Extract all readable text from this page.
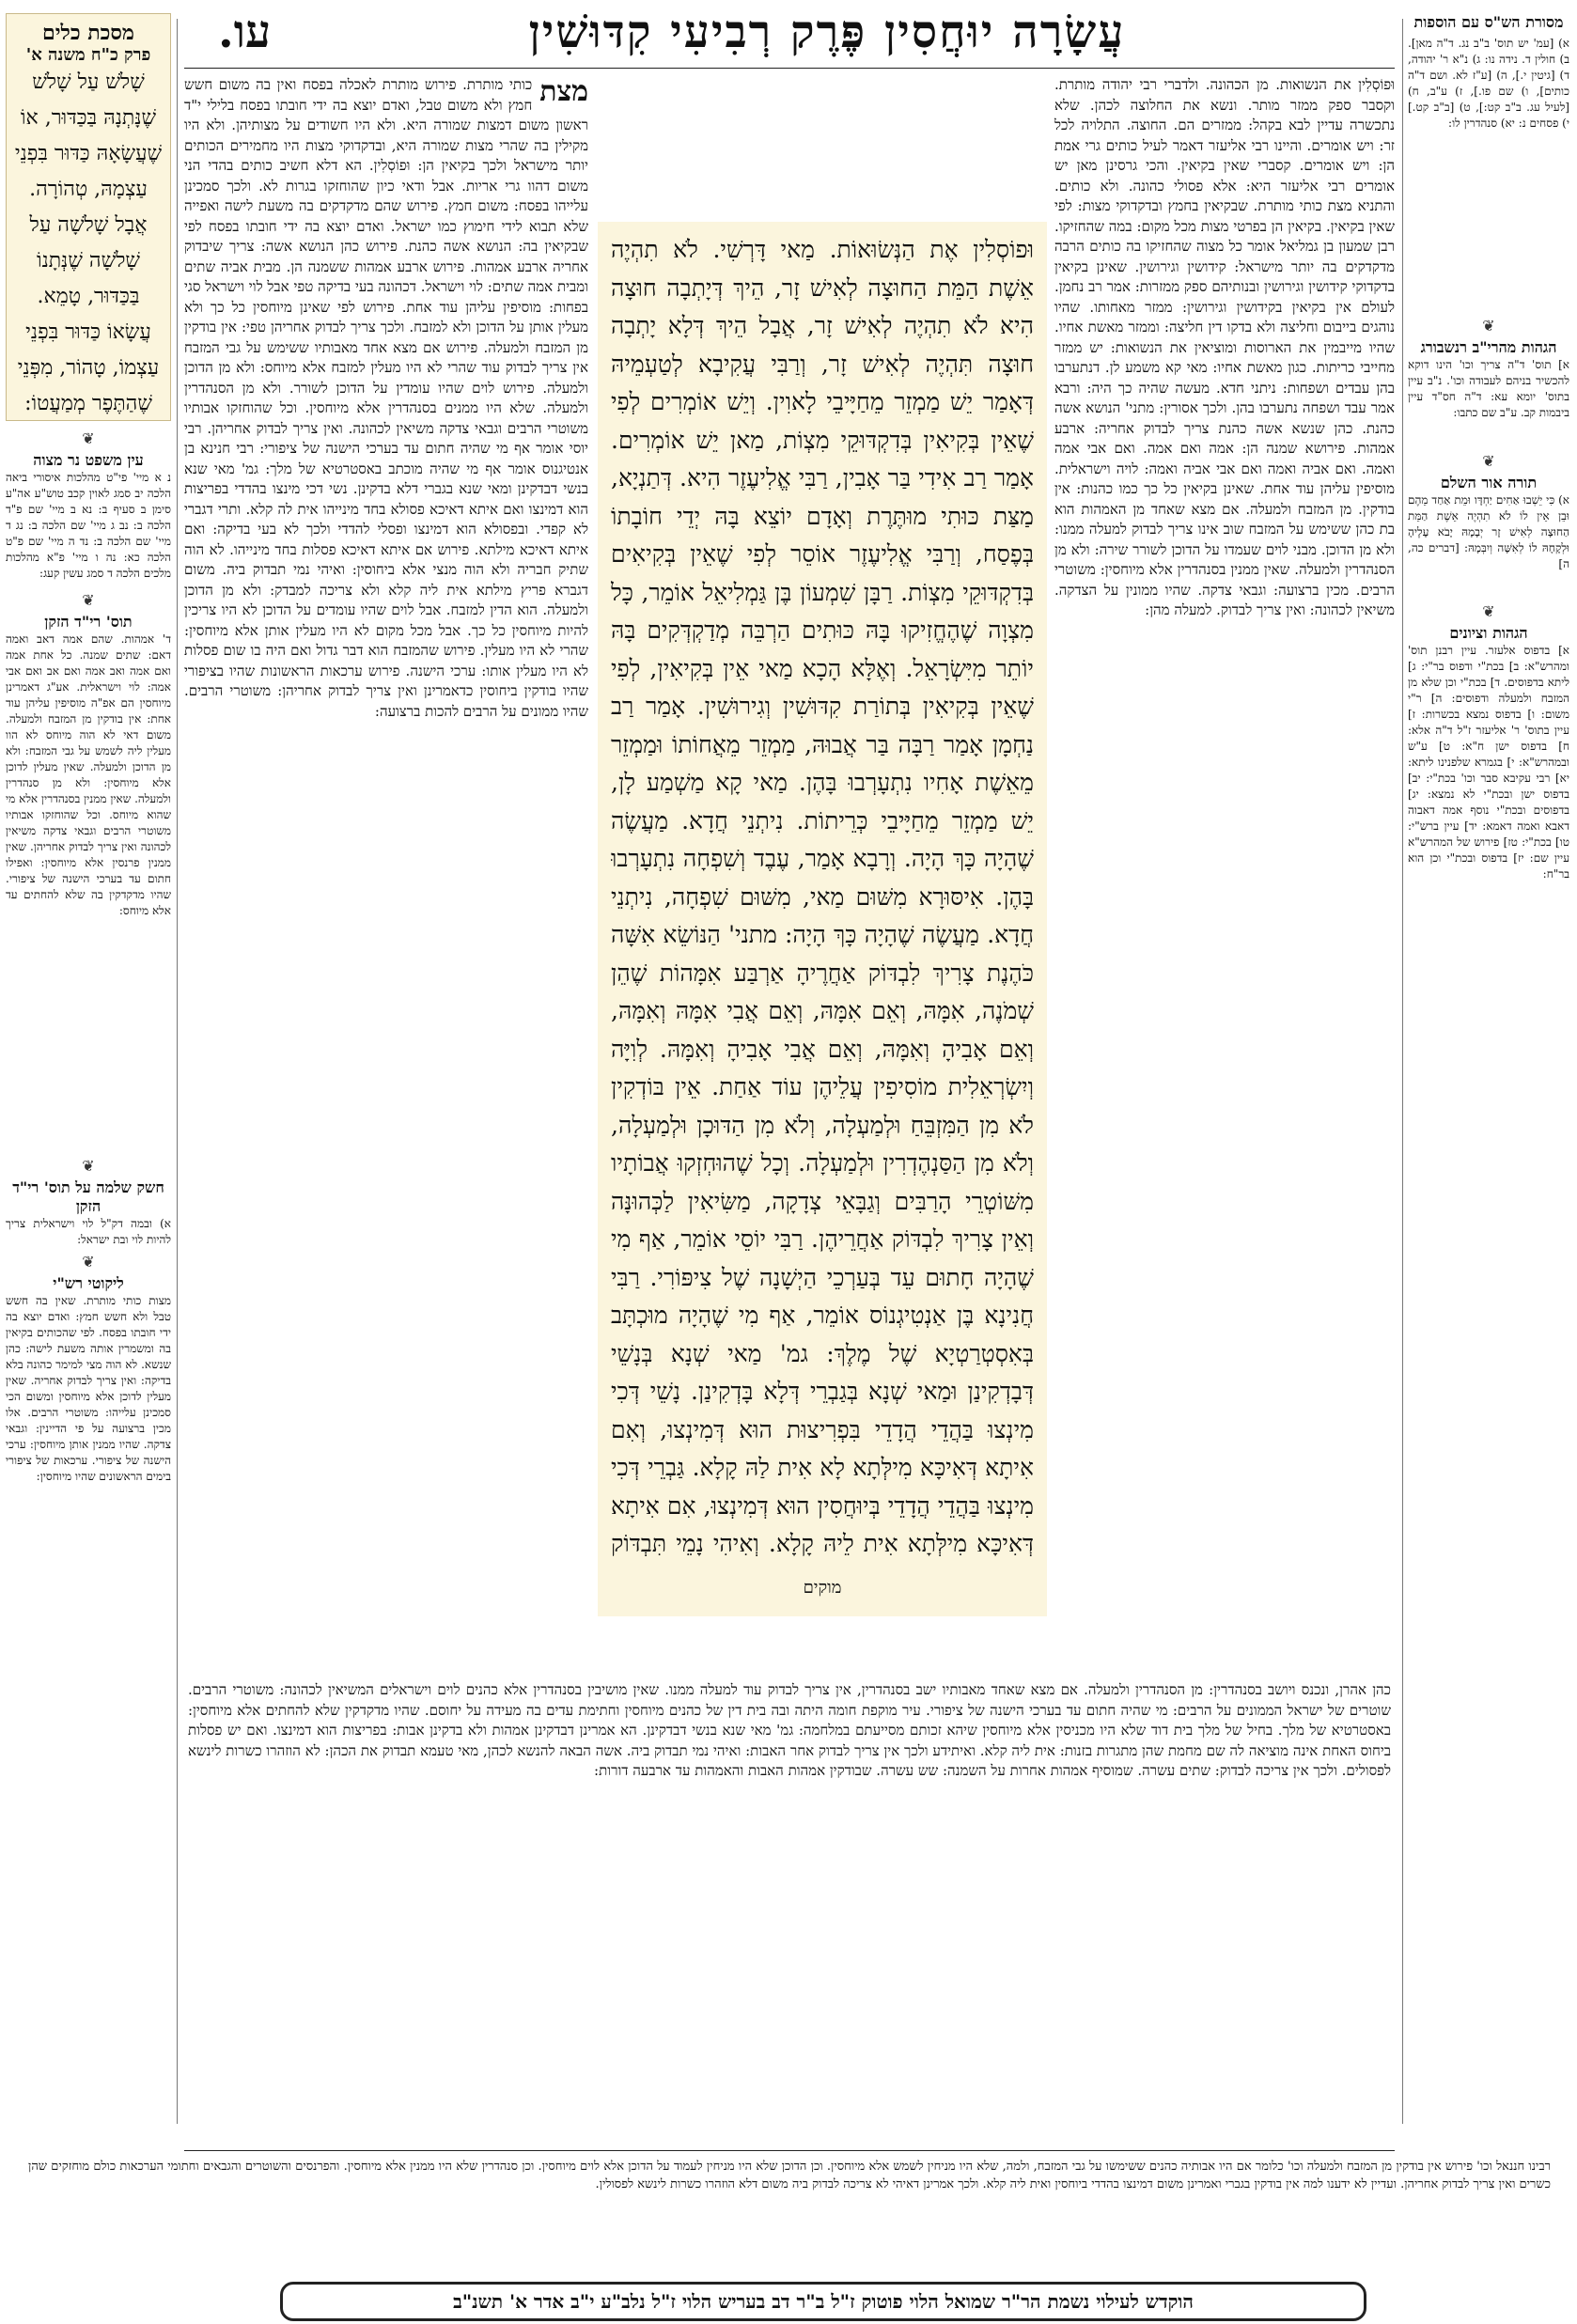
עֲשָׂרָה יוּחֲסִין פֶּרֶק רְבִיעִי קִדּוּשִׁין
עו.	מסורת הש"ס עם הוספות
א) [עמ' יש תוס' ב"ב נג. ד"ה מאן]. ב) חולין ד. נידה נו: ג) נ"א ר' יהודה, ד) [גיטין י.], ה) [ע"ז לא. ושם ד"ה כותים], ו) שם פו.], ז) ע"ב, ח) [לעיל עג. ב"ב קט:], ט) [ב"ב קט.] י) פסחים נ: יא) סנהדרין לו:
❦
הגהות מהרי"ב רנשבורג
א] תוס' ד"ה צריך וכו' הינו דוקא להכשיר בניהם לעבודה וכו'. נ"ב עיין בתוס' יומא עא: ד"ה חס"ד עיין ביבמות קב. ע"ב שם כתבו:
❦
תורה אור השלם
א) כִּי יֵשְׁבוּ אַחִים יַחְדָּו וּמֵת אַחַד מֵהֶם וּבֵן אֵין לוֹ לֹא תִהְיֶה אֵשֶׁת הַמֵּת הַחוּצָה לְאִישׁ זָר יְבָמָהּ יָבֹא עָלֶיהָ וּלְקָחָהּ לוֹ לְאִשָּׁה וְיִבְּמָהּ: [דברים כה, ה]
❦
הגהות וציונים
א] בדפוס אלעזר. עיין רבנן תוס' ומהרש"א: ב] בכת"י ודפוס בר"י: ג] ליתא בדפוסים. ד] בכת"י וכן שלא מן המזבח ולמעלה ודפוסים: ה] ר"י משום: ו] בדפוס נמצא בכשרות: ז] עיין בתוס' ר' אליעזר ז"ל ד"ה אלא: ח] בדפוס ישן ח"א: ט] ע"ש ובמהרש"א: י] בגמרא שלפנינו ליתא: יא] רבי עקיבא סבר וכו' בכת"י: יב] בדפוס ישן ובכת"י לא נמצא: יג] בדפוסים ובכת"י נוסף אמה דאבוה דאבא ואמה דאמא: יד] עיין ברש"י: טו] בכת"י: טז] פירוש של המהרש"א עיין שם: יז] בדפוס ובכת"י וכן הוא בר"ח:
מסכת כלים
פרק כ"ח משנה א'
שָׁלֹשׁ עַל שָׁלֹשׁ שֶׁנָּתְנָהּ בַּכַּדּוּר, אוֹ שֶׁעֲשָׂאָהּ כַּדּוּר בִּפְנֵי עַצְמָהּ, טְהוֹרָה. אֲבָל שָׁלֹשָׁה עַל שָׁלֹשָׁה שֶׁנְּתָנוֹ בַּכַּדּוּר, טָמֵא. עֲשָׂאוֹ כַּדּוּר בִּפְנֵי עַצְמוֹ, טָהוֹר, מִפְּנֵי שֶׁהַתֶּפֶר מְמַעֲטוֹ:
❦
עין משפט נר מצוה
נ א מיי' פי"ט מהלכות איסורי ביאה הלכה יב סמג לאוין קכב טוש"ע אה"ע סימן ב סעיף ב: נא ב מיי' שם פ"ד הלכה ב: נב ג מיי' שם הלכה ב: נג ד מיי' שם הלכה ב: נד ה מיי' שם פ"ט הלכה כא: נה ו מיי' פ"א מהלכות מלכים הלכה ד סמג עשין קעג:
❦
תוס' רי"ד הזקן
ד' אמהות. שהם אמה דאב ואמה דאם: שתים שמנה. כל אחת אמה ואם אמה ואב אמה ואם אב ואם אבי אמה: לוי וישראלית. אע"ג דאמרינן מיוחסין הם אפ"ה מוסיפין עליהן עוד אחת: אין בודקין מן המזבח ולמעלה. משום דאי לא הוה מיוחס לא הוו מעלין ליה לשמש על גבי המזבח: ולא מן הדוכן ולמעלה. שאין מעלין לדוכן אלא מיוחסין: ולא מן סנהדרין ולמעלה. שאין ממנין בסנהדרין אלא מי שהוא מיוחס. וכל שהוחזקו אבותיו משוטרי הרבים וגבאי צדקה משיאין לכהונה ואין צריך לבדוק אחריהן. שאין ממנין פרנסין אלא מיוחסין: ואפילו חתום עד בערכי הישנה של ציפורי. שהיו מדקדקין בה שלא להחתים עד אלא מיוחס:
❦
חשק שלמה על תוס' רי"ד הזקן
א) ובמה דק"ל לוי וישראלית צריך להיות לוי ובת ישראל:
❦
ליקוטי רש"י
מצות כותי מותרת. שאין בה חשש טבל ולא חשש חמץ: ואדם יוצא בה ידי חובתו בפסח. לפי שהכותים בקיאין בה ומשמרין אותה משעת לישה: כהן שנשא. לא הוה מצי למימר כהונה בלא בדיקה: ואין צריך לבדוק אחריה. שאין מעלין לדוכן אלא מיוחסין ומשום הכי סמכינן עלייהו: משוטרי הרבים. אלו מכין ברצועה על פי הדיינין: וגבאי צדקה. שהיו ממנין אותן מיוחסין: ערכי הישנה של ציפורי. ערכאות של ציפורי בימים הראשונים שהיו מיוחסין:
וּפוֹסְלִין את הנשואות. מן הכהונה. ולדברי רבי יהודה מותרת. וקסבר ספק ממזר מותר. ונשא את החלוצה לכהן. שלא נתכשרה עדיין לבא בקהל: ממזרים הם. החוצה. התלויה לכל זר: ויש אומרים. והיינו רבי אליעזר דאמר לעיל כותים גרי אמת הן: ויש אומרים. קסברי שאין בקיאין. והכי גרסינן מאן יש אומרים רבי אליעזר היא: אלא פסולי כהונה. ולא כותים. והתניא מצת כותי מותרת. שבקיאין בחמץ ובדקדוקי מצות: לפי שאין בקיאין. בקיאין הן בפרטי מצות מכל מקום: במה שהחזיקו. רבן שמעון בן גמליאל אומר כל מצוה שהחזיקו בה כותים הרבה מדקדקים בה יותר מישראל: קידושין וגירושין. שאינן בקיאין בדקדוקי קידושין וגירושין ובנותיהם ספק ממזרות: אמר רב נחמן. לעולם אין בקיאין בקידושין וגירושין: ממזר מאחותו. שהיו נוהגים בייבום וחליצה ולא בדקו דין חליצה: וממזר מאשת אחיו. שהיו מייבמין את הארוסות ומוציאין את הנשואות: יש ממזר מחייבי כריתות. כגון מאשת אחיו: מאי קא משמע לן. דנתערבו בהן עבדים ושפחות: ניתני חדא. מעשה שהיה כך היה: ורבא אמר עבד ושפחה נתערבו בהן. ולכך אסורין: מתני' הנושא אשה כהנת. כהן שנשא אשה כהנת צריך לבדוק אחריה: ארבע אמהות. פירושא שמנה הן: אמה ואם אמה. ואם אבי אמה ואמה. ואם אביה ואמה ואם אבי אביה ואמה: לויה וישראלית. מוסיפין עליהן עוד אחת. שאינן בקיאין כל כך כמו כהנות: אין בודקין. מן המזבח ולמעלה. אם מצא שאחד מן האמהות הוא בת כהן ששימש על המזבח שוב אינו צריך לבדוק למעלה ממנו: ולא מן הדוכן. מבני לוים שעמדו על הדוכן לשורר שירה: ולא מן הסנהדרין ולמעלה. שאין ממנין בסנהדרין אלא מיוחסין: משוטרי הרבים. מכין ברצועה: וגבאי צדקה. שהיו ממונין על הצדקה. משיאין לכהונה: ואין צריך לבדוק. למעלה מהן:
מצת
כותי מותרת. פירוש מותרת לאכלה בפסח ואין בה משום חשש חמץ ולא משום טבל, ואדם יוצא בה ידי חובתו בפסח בלילי י"ד ראשון משום דמצות שמורה היא. ולא היו חשודים על מצותיהן. ולא היו מקילין בה שהרי מצות שמורה היא, ובדקדוקי מצות היו מחמירים הכותים יותר מישראל ולכך בקיאין הן: וּפוֹסְלִין. הא דלא חשיב כותים בהדי הני משום דהוו גרי אריות. אבל ודאי כיון שהוחזקו בגרות לא. ולכך סמכינן עלייהו בפסח: משום חמץ. פירוש שהם מדקדקים בה משעת לישה ואפייה שלא תבוא לידי חימוץ כמו ישראל. ואדם יוצא בה ידי חובתו בפסח לפי שבקיאין בה: הנושא אשה כהנת. פירוש כהן הנושא אשה: צריך שיבדוק אחריה ארבע אמהות. פירוש ארבע אמהות ששמנה הן. מבית אביה שתים ומבית אמה שתים: לוי וישראל. דכהונה בעי בדיקה טפי אבל לוי וישראל סגי בפחות: מוסיפין עליהן עוד אחת. פירוש לפי שאינן מיוחסין כל כך ולא מעלין אותן על הדוכן ולא למזבח. ולכך צריך לבדוק אחריהן טפי: אין בודקין מן המזבח ולמעלה. פירוש אם מצא אחד מאבותיו ששימש על גבי המזבח אין צריך לבדוק עוד שהרי לא היו מעלין למזבח אלא מיוחס: ולא מן הדוכן ולמעלה. פירוש לוים שהיו עומדין על הדוכן לשורר. ולא מן הסנהדרין ולמעלה. שלא היו ממנים בסנהדרין אלא מיוחסין. וכל שהוחזקו אבותיו משוטרי הרבים וגבאי צדקה משיאין לכהונה. ואין צריך לבדוק אחריהן. רבי יוסי אומר אף מי שהיה חתום עד בערכי הישנה של ציפורי: רבי חנינא בן אנטיגנוס אומר אף מי שהיה מוכתב באסטרטיא של מלך: גמ' מאי שנא בנשי דבדקינן ומאי שנא בגברי דלא בדקינן. נשי דכי מינצו בהדדי בפריצות הוא דמינצו ואם איתא דאיכא פסולא בחד מינייהו אית לה קלא. ותרי דגברי לא קפדי. ובפסולא הוא דמינצו ופסלי להדדי ולכך לא בעי בדיקה: ואם איתא דאיכא מילתא. פירוש אם איתא דאיכא פסלות בחד מינייהו. לא הוה שתיק חבריה ולא הוה מנצי אלא ביחוסין: ואיהי נמי תבדוק ביה. משום דגברא פריץ מילתא אית ליה קלא ולא צריכה למבדק: ולא מן הדוכן ולמעלה. הוא הדין למזבח. אבל לוים שהיו עומדים על הדוכן לא היו צריכין להיות מיוחסין כל כך. אבל מכל מקום לא היו מעלין אותן אלא מיוחסין: שהרי לא היו מעלין. פירוש שהמזבח הוא דבר גדול ואם היה בו שום פסלות לא היו מעלין אותו: ערכי הישנה. פירוש ערכאות הראשונות שהיו בציפורי שהיו בודקין ביחוסין כדאמרינן ואין צריך לבדוק אחריהן: משוטרי הרבים. שהיו ממונים על הרבים להכות ברצועה:
וּפוֹסְלִין אֶת הַנְּשׂוּאוֹת. מַאי דָּרְשִׁי. לֹא תִהְיֶה אֵשֶׁת הַמֵּת הַחוּצָה לְאִישׁ זָר, הֵיךְ דְּיָתְבָה חוּצָה הִיא לֹא תִהְיֶה לְאִישׁ זָר, אֲבָל הֵיךְ דְּלָא יָתְבָה חוּצָה תִּהְיֶה לְאִישׁ זָר, וְרַבִּי עֲקִיבָא לְטַעְמֵיהּ דְּאָמַר יֵשׁ מַמְזֵר מֵחַיָּיבֵי לָאוִין. וְיֵשׁ אוֹמְרִים לְפִי שֶׁאֵין בְּקִיאִין בְּדִקְדּוּקֵי מִצְוֹת, מַאן יֵשׁ אוֹמְרִים. אָמַר רַב אִידִי בַּר אָבִין, רַבִּי אֱלִיעֶזֶר הִיא. דְּתַנְיָא, מַצַּת כּוּתִי מוּתֶּרֶת וְאָדָם יוֹצֵא בָּהּ יְדֵי חוֹבָתוֹ בְּפֶסַח, וְרַבִּי אֱלִיעֶזֶר אוֹסֵר לְפִי שֶׁאֵין בְּקִיאִים בְּדִקְדּוּקֵי מִצְוֹת. רַבָּן שִׁמְעוֹן בֶּן גַּמְלִיאֵל אוֹמֵר, כָּל מִצְוָה שֶׁהֶחֱזִיקוּ בָּהּ כּוּתִים הַרְבֵּה מְדַקְדְּקִים בָּהּ יוֹתֵר מִיִּשְׂרָאֵל. וְאֶלָּא הָכָא מַאי אֵין בְּקִיאִין, לְפִי שֶׁאֵין בְּקִיאִין בְּתוֹרַת קִדּוּשִׁין וְגִירוּשִׁין. אָמַר רַב נַחְמָן אָמַר רַבָּה בַּר אֲבוּהּ, מַמְזֵר מֵאֲחוֹתוֹ וּמַמְזֵר מֵאֵשֶׁת אָחִיו נִתְעָרְבוּ בָּהֶן. מַאי קָא מַשְׁמַע לָן, יֵשׁ מַמְזֵר מֵחַיָּיבֵי כְּרֵיתוֹת. נִיתְנֵי חֲדָא. מַעֲשֶׂה שֶׁהָיָה כָּךְ הָיָה. וְרָבָא אָמַר, עֶבֶד וְשִׁפְחָה נִתְעָרְבוּ בָּהֶן. אִיסּוּרָא מִשּׁוּם מַאי, מִשּׁוּם שִׁפְחָה, נִיתְנֵי חֲדָא. מַעֲשֶׂה שֶׁהָיָה כָּךְ הָיָה: מתני' הַנּוֹשֵׂא אִשָּׁה כֹּהֶנֶת צָרִיךְ לִבְדּוֹק אַחֲרֶיהָ אַרְבַּע אִמָּהוֹת שֶׁהֵן שְׁמֹנֶה, אִמָּהּ, וְאֵם אִמָּהּ, וְאֵם אֲבִי אִמָּהּ וְאִמָּהּ, וְאֵם אָבִיהָ וְאִמָּהּ, וְאֵם אֲבִי אָבִיהָ וְאִמָּהּ. לְוִיָּה וְיִשְׂרְאֵלִית מוֹסִיפִין עֲלֵיהֶן עוֹד אַחַת. אֵין בּוֹדְקִין לֹא מִן הַמִּזְבֵּחַ וּלְמַעְלָה, וְלֹא מִן הַדּוּכָן וּלְמַעְלָה, וְלֹא מִן הַסַּנְהֶדְרִין וּלְמַעְלָה. וְכָל שֶׁהוּחְזְקוּ אֲבוֹתָיו מִשּׁוֹטְרֵי הָרַבִּים וְגַבָּאֵי צְדָקָה, מַשִּׂיאִין לַכְּהוּנָּה וְאֵין צָרִיךְ לִבְדּוֹק אַחֲרֵיהֶן. רַבִּי יוֹסֵי אוֹמֵר, אַף מִי שֶׁהָיָה חָתוּם עֵד בְּעַרְכֵי הַיְשָׁנָה שֶׁל צִיפּוֹרִי. רַבִּי חֲנִינָא בֶּן אַנְטִיגְנוֹס אוֹמֵר, אַף מִי שֶׁהָיָה מוּכְתָּב בְּאִסְטְרַטְיָא שֶׁל מֶלֶךְ: גמ' מַאי שְׁנָא בְּנָשֵׁי דְּבָדְקִינַן וּמַאי שְׁנָא בְּגַבְרֵי דְּלָא בָּדְקִינַן. נָשֵׁי דְּכִי מִינְצוּ בַּהֲדֵי הֲדָדֵי בִּפְרִיצוּת הוּא דְּמִינְצוּ, וְאִם אִיתָא דְּאִיכָּא מִילְּתָא לָא אִית לַהּ קָלָא. גַּבְרֵי דְּכִי מִינְצוּ בַּהֲדֵי הֲדָדֵי בְּיוּחֲסִין הוּא דְּמִינְצוּ, אִם אִיתָא דְּאִיכָּא מִילְּתָא אִית לֵיהּ קָלָא. וְאִיהִי נָמֵי תִּבְדּוֹק
מוקים
כהן אהרן, ונכנס ויושב בסנהדרין: מן הסנהדרין ולמעלה. אם מצא שאחד מאבותיו ישב בסנהדרין, אין צריך לבדוק עוד למעלה ממנו. שאין מושיבין בסנהדרין אלא כהנים לוים וישראלים המשיאין לכהונה: משוטרי הרבים. שוטרים של ישראל הממונים על הרבים: מי שהיה חתום עד בערכי הישנה של ציפורי. עיר מוקפת חומה היתה ובה בית דין של כהנים מיוחסין וחתימת עדים בה מעידה על יחוסם. שהיו מדקדקין שלא להחתים אלא מיוחסין: באסטרטיא של מלך. בחיל של מלך בית דוד שלא היו מכניסין אלא מיוחסין שיהא זכותם מסייעתם במלחמה: גמ' מאי שנא בנשי דבדקינן. הא אמרינן דבדקינן אמהות ולא בדקינן אבות: בפריצות הוא דמינצו. ואם יש פסלות ביחוס האחת אינה מוציאה לה שם מחמת שהן מתגרות בזנות: אית ליה קלא. ואיתידע ולכך אין צריך לבדוק אחר האבות: ואיהי נמי תבדוק ביה. אשה הבאה להנשא לכהן, מאי טעמא תבדוק את הכהן: לא הוזהרו כשרות לינשא לפסולים. ולכך אין צריכה לבדוק: שתים עשרה. שמוסיף אמהות אחרות על השמנה: שש עשרה. שבודקין אמהות האבות והאמהות עד ארבעה דורות:
רבינו חננאל וכו' פירוש אין בודקין מן המזבח ולמעלה וכו' כלומר אם היו אבותיה כהנים ששימשו על גבי המזבח, ולמה, שלא היו מניחין לשמש אלא מיוחסין. וכן הדוכן שלא היו מניחין לעמוד על הדוכן אלא לוים מיוחסין. וכן סנהדרין שלא היו ממנין אלא מיוחסין. והפרנסים והשוטרים והגבאים וחתומי הערכאות כולם מוחזקים שהן כשרים ואין צריך לבדוק אחריהן. ועדיין לא ידענו למה אין בודקין בגברי ואמרינן משום דמינצו בהדדי ביוחסין ואית ליה קלא. ולכך אמרינן דאיהי לא צריכה לבדוק ביה משום דלא הוזהרו כשרות לינשא לפסולין.
הוקדש לעילוי נשמת הר"ר שמואל הלוי פוטוק ז"ל ב"ר דב בעריש הלוי ז"ל נלב"ע י"ב אדר א' תשנ"ב
